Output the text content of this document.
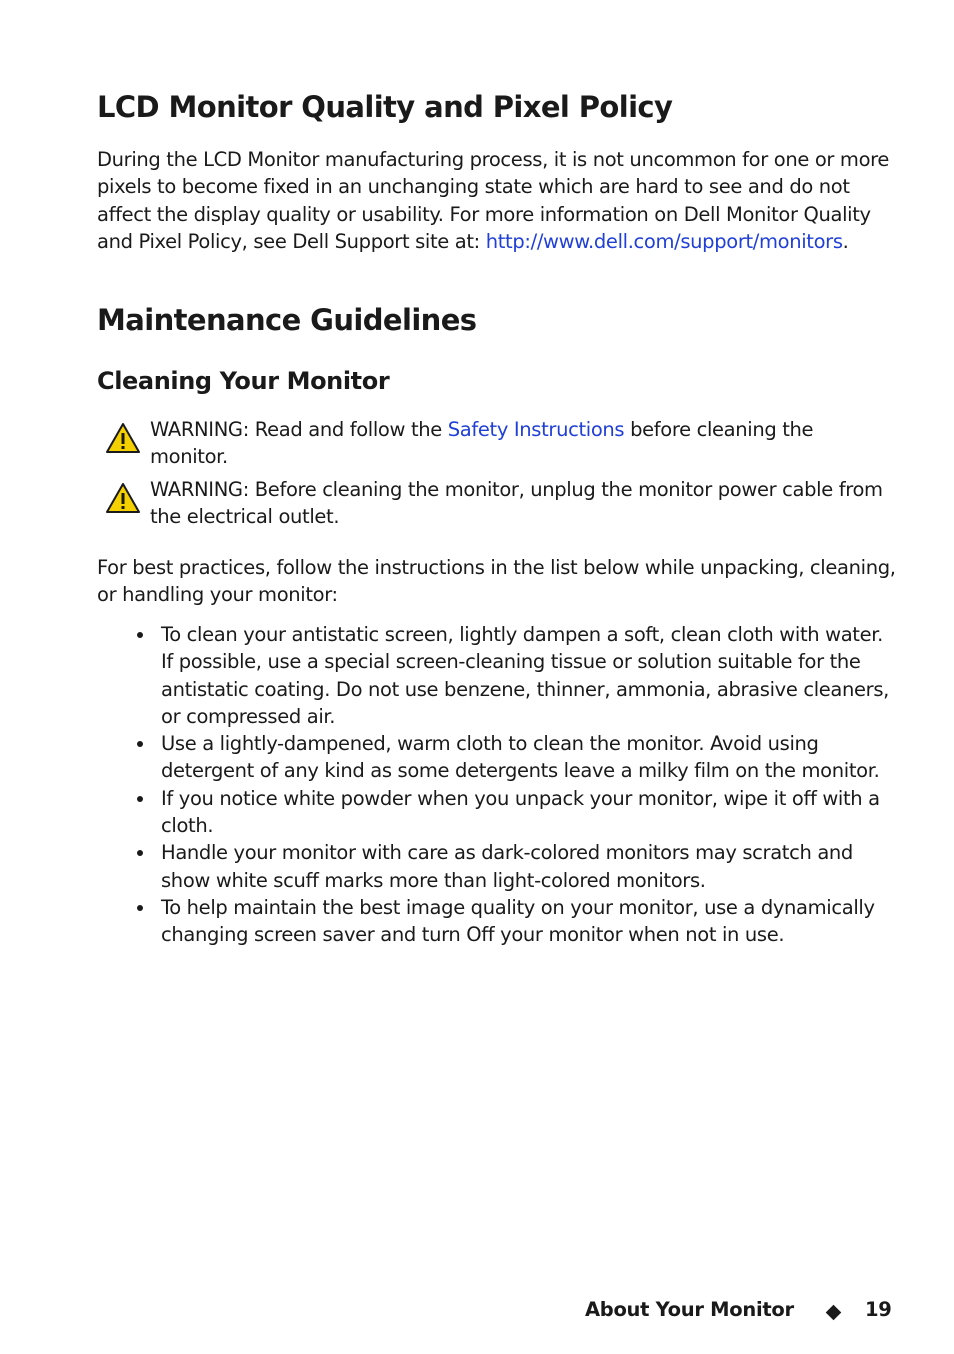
LCD Monitor Quality and Pixel Policy

During the LCD Monitor manufacturing process, it is not uncommon for one or more pixels to become fixed in an unchanging state which are hard to see and do not affect the display quality or usability. For more information on Dell Monitor Quality and Pixel Policy, see Dell Support site at: http://www.dell.com/support/monitors.

Maintenance Guidelines
Cleaning Your Monitor

WARNING: Read and follow the Safety Instructions before cleaning the monitor.

WARNING: Before cleaning the monitor, unplug the monitor power cable from the electrical outlet.

For best practices, follow the instructions in the list below while unpacking, cleaning, or handling your monitor:

To clean your antistatic screen, lightly dampen a soft, clean cloth with water. If possible, use a special screen-cleaning tissue or solution suitable for the antistatic coating. Do not use benzene, thinner, ammonia, abrasive cleaners, or compressed air.
Use a lightly-dampened, warm cloth to clean the monitor. Avoid using detergent of any kind as some detergents leave a milky film on the monitor.
If you notice white powder when you unpack your monitor, wipe it off with a cloth.
Handle your monitor with care as dark-colored monitors may scratch and show white scuff marks more than light-colored monitors.
To help maintain the best image quality on your monitor, use a dynamically changing screen saver and turn Off your monitor when not in use.
About Your Monitor	19
